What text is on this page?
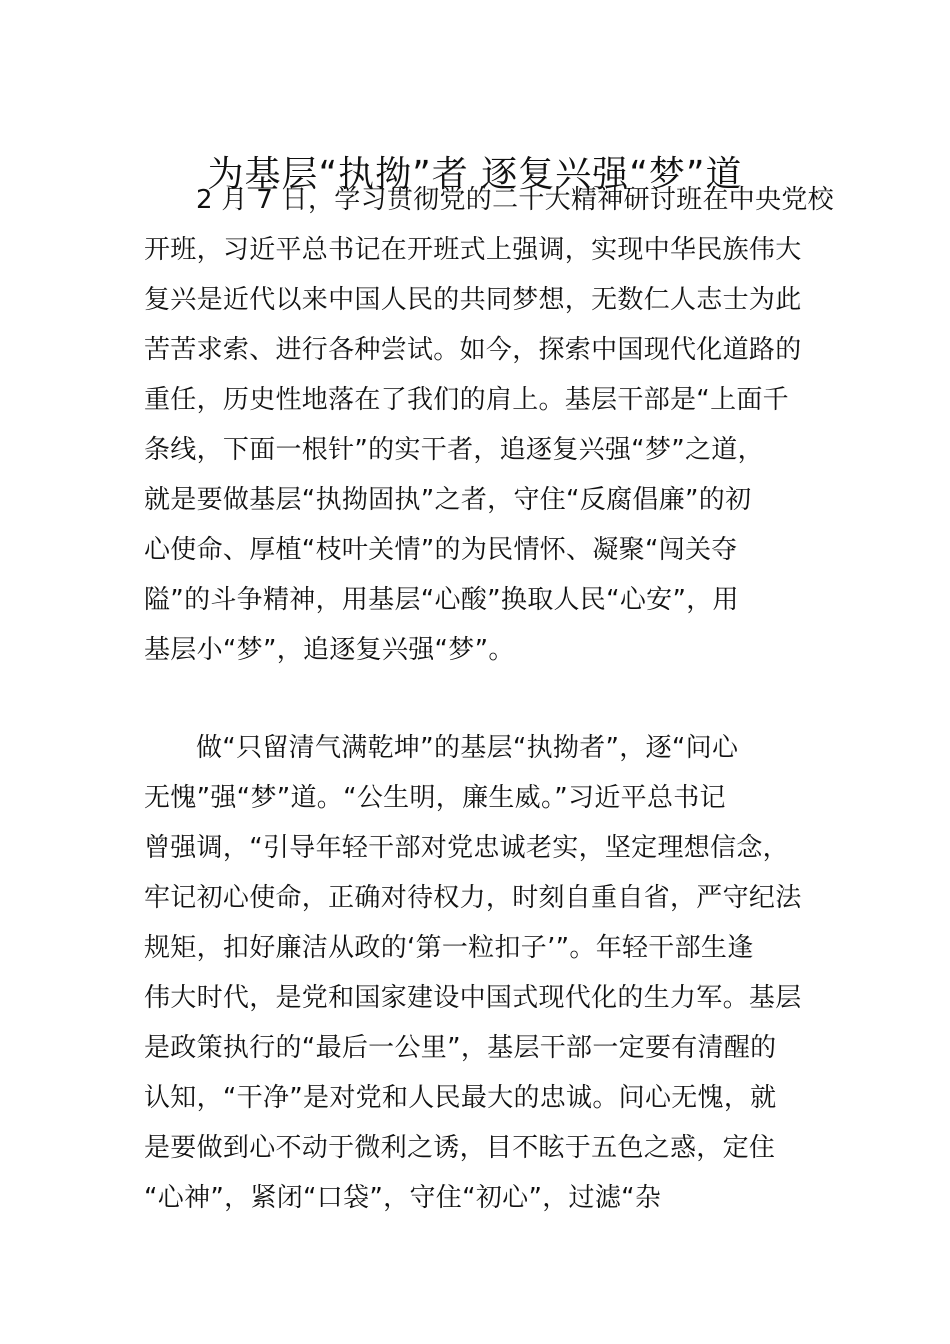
为基层“执拗”者 逐复兴强“梦”道
2 月 7 日，学习贯彻党的二十大精神研讨班在中央党校
开班，习近平总书记在开班式上强调，实现中华民族伟大
复兴是近代以来中国人民的共同梦想，无数仁人志士为此
苦苦求索、进行各种尝试。如今，探索中国现代化道路的
重任，历史性地落在了我们的肩上。基层干部是“上面千
条线，下面一根针”的实干者，追逐复兴强“梦”之道，
就是要做基层“执拗固执”之者，守住“反腐倡廉”的初
心使命、厚植“枝叶关情”的为民情怀、凝聚“闯关夺
隘”的斗争精神，用基层“心酸”换取人民“心安”，用
基层小“梦”，追逐复兴强“梦”。
做“只留清气满乾坤”的基层“执拗者”，逐“问心
无愧”强“梦”道。“公生明，廉生威。”习近平总书记
曾强调，“引导年轻干部对党忠诚老实，坚定理想信念，
牢记初心使命，正确对待权力，时刻自重自省，严守纪法
规矩，扣好廉洁从政的‘第一粒扣子’”。年轻干部生逢
伟大时代，是党和国家建设中国式现代化的生力军。基层
是政策执行的“最后一公里”，基层干部一定要有清醒的
认知，“干净”是对党和人民最大的忠诚。问心无愧，就
是要做到心不动于微利之诱，目不眩于五色之惑，定住
“心神”，紧闭“口袋”，守住“初心”，过滤“杂
